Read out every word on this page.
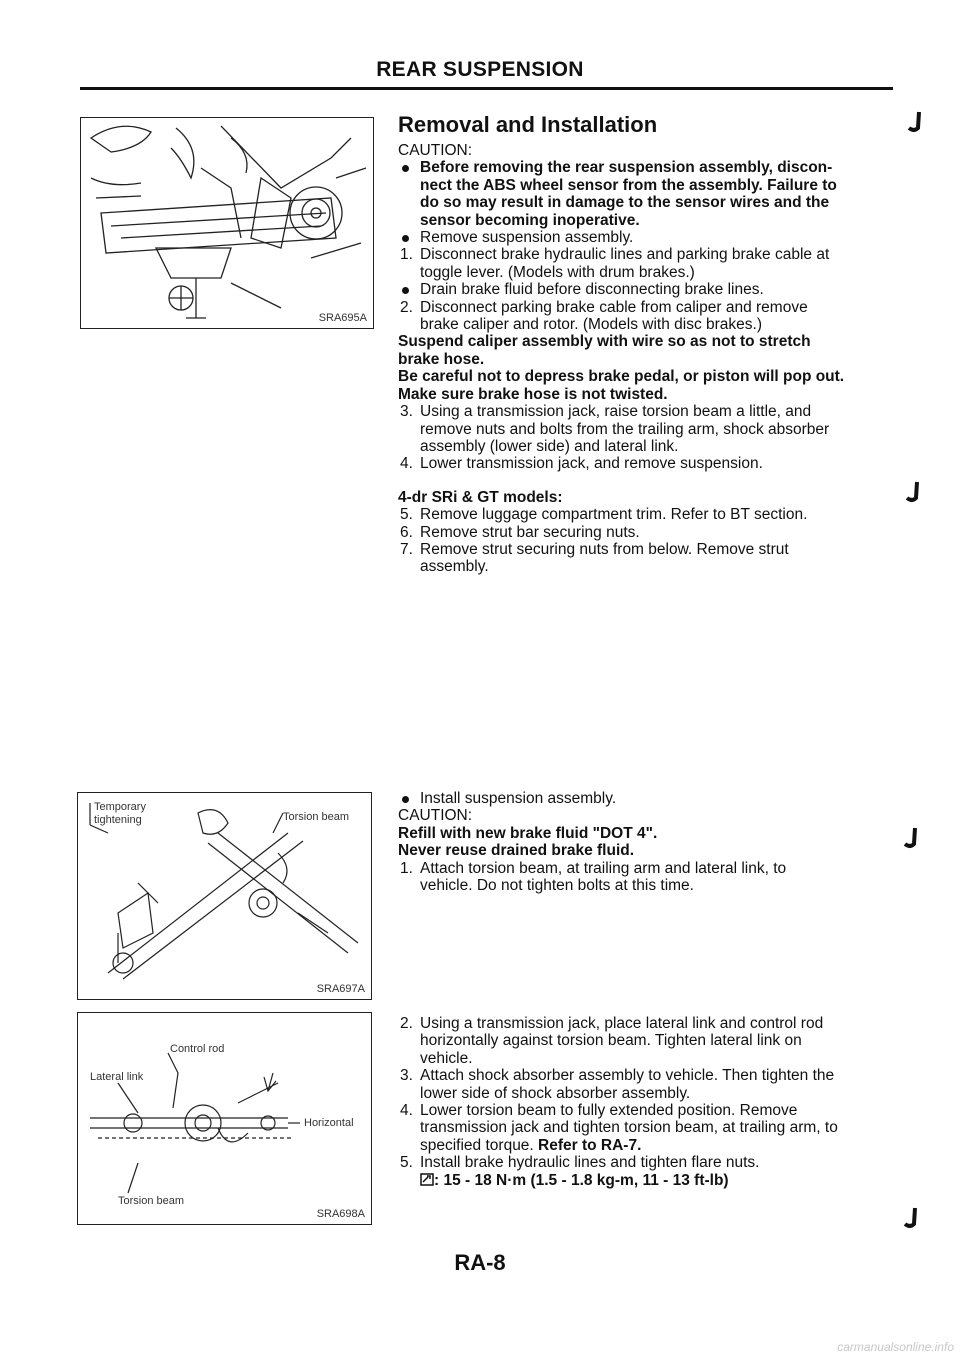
REAR SUSPENSION
SRA695A
Temporary
tightening	Torsion beam
SRA697A
Control rod
Lateral link
Horizontal
Torsion beam
SRA698A
Removal and Installation
CAUTION:
Before removing the rear suspension assembly, discon-
nect the ABS wheel sensor from the assembly. Failure to
do so may result in damage to the sensor wires and the
sensor becoming inoperative.
Remove suspension assembly.
1. Disconnect brake hydraulic lines and parking brake cable at
toggle lever. (Models with drum brakes.)
Drain brake fluid before disconnecting brake lines.
2. Disconnect parking brake cable from caliper and remove
brake caliper and rotor. (Models with disc brakes.)
Suspend caliper assembly with wire so as not to stretch
brake hose.
Be careful not to depress brake pedal, or piston will pop out.
Make sure brake hose is not twisted.
3. Using a transmission jack, raise torsion beam a little, and
remove nuts and bolts from the trailing arm, shock absorber
assembly (lower side) and lateral link.
4. Lower transmission jack, and remove suspension.
4-dr SRi & GT models:
5. Remove luggage compartment trim. Refer to BT section.
6. Remove strut bar securing nuts.
7. Remove strut securing nuts from below. Remove strut
assembly.
Install suspension assembly.
CAUTION:
Refill with new brake fluid "DOT 4".
Never reuse drained brake fluid.
1. Attach torsion beam, at trailing arm and lateral link, to
vehicle. Do not tighten bolts at this time.
2. Using a transmission jack, place lateral link and control rod
horizontally against torsion beam. Tighten lateral link on
vehicle.
3. Attach shock absorber assembly to vehicle. Then tighten the
lower side of shock absorber assembly.
4. Lower torsion beam to fully extended position. Remove
transmission jack and tighten torsion beam, at trailing arm, to
specified torque. Refer to RA-7.
5. Install brake hydraulic lines and tighten flare nuts.
: 15 - 18 N·m (1.5 - 1.8 kg-m, 11 - 13 ft-lb)
RA-8
carmanualsonline.info
